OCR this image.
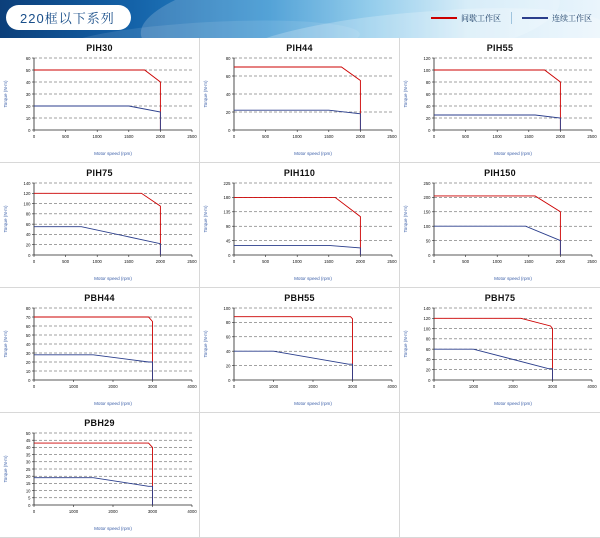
220框以下系列	间歇工作区	连续工作区
PIH30
0
10
20
30
40
50
60
0	500	1000	1500	2000	2500
Motor speed (rpm)
Torque (N·m)
PIH44
0
20
40
60
80
0	500	1000	1500	2000	2500
Motor speed (rpm)
Torque (N·m)
PIH55
0
20
40
60
80
100
120
0	500	1000	1500	2000	2500
Motor speed (rpm)
Torque (N·m)
PIH75
0
20
40
60
80
100
120
140
0	500	1000	1500	2000	2500
Motor speed (rpm)
Torque (N·m)
PIH110
0
45
90
135
180
225
0	500	1000	1500	2000	2500
Motor speed (rpm)
Torque (N·m)
PIH150
0
50
100
150
200
250
0	500	1000	1500	2000	2500
Motor speed (rpm)
Torque (N·m)
PBH44
0
10
20
30
40
50
60
70
80
0	1000	2000	3000	4000
Motor speed (rpm)
Torque (N·m)
PBH55
0
20
40
60
80
100
0	1000	2000	3000	4000
Motor speed (rpm)
Torque (N·m)
PBH75
0
20
40
60
80
100
120
140
0	1000	2000	3000	4000
Motor speed (rpm)
Torque (N·m)
PBH29
0
5
10
15
20
25
30
35
40
45
50
0	1000	2000	3000	4000
Motor speed (rpm)
Torque (N·m)
